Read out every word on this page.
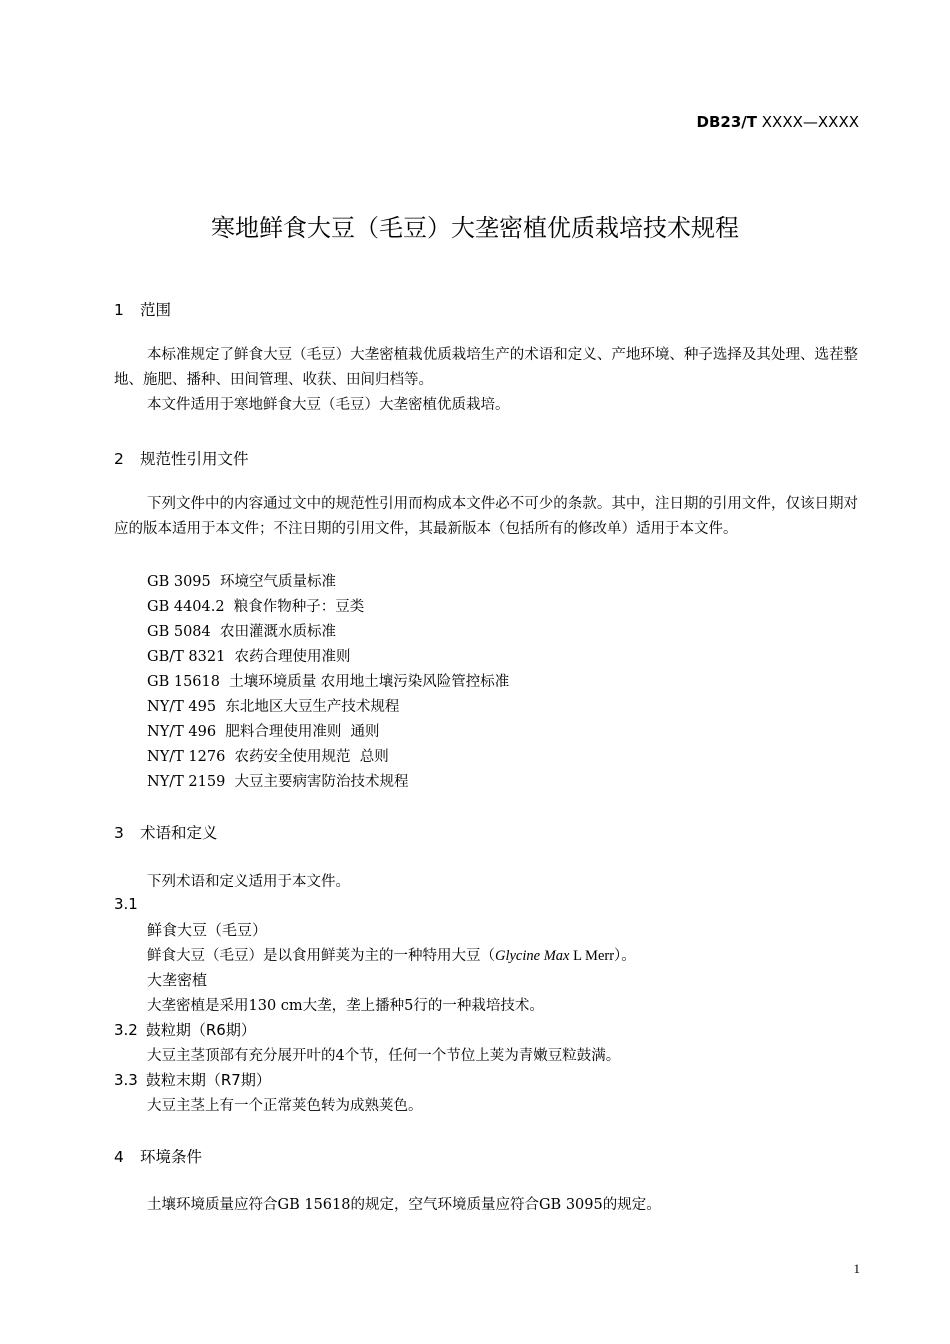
DB23/T XXXX—XXXX
寒地鲜食大豆（毛豆）大垄密植优质栽培技术规程
1 范围
本标准规定了鲜食大豆（毛豆）大垄密植栽优质栽培生产的术语和定义、产地环境、种子选择及其处理、选茬整地、施肥、播种、田间管理、收获、田间归档等。
本文件适用于寒地鲜食大豆（毛豆）大垄密植优质栽培。
2 规范性引用文件
下列文件中的内容通过文中的规范性引用而构成本文件必不可少的条款。其中，注日期的引用文件，仅该日期对应的版本适用于本文件；不注日期的引用文件，其最新版本（包括所有的修改单）适用于本文件。
GB 3095  环境空气质量标准
GB 4404.2  粮食作物种子：豆类
GB 5084  农田灌溉水质标准
GB/T 8321  农药合理使用准则
GB 15618  土壤环境质量 农用地土壤污染风险管控标准
NY/T 495  东北地区大豆生产技术规程
NY/T 496  肥料合理使用准则  通则
NY/T 1276  农药安全使用规范  总则
NY/T 2159  大豆主要病害防治技术规程
3 术语和定义
下列术语和定义适用于本文件。
3.1
鲜食大豆（毛豆）
鲜食大豆（毛豆）是以食用鲜荚为主的一种特用大豆（Glycine Max L Merr）。
大垄密植
大垄密植是采用130 cm大垄，垄上播种5行的一种栽培技术。
3.2 鼓粒期（R6期）
大豆主茎顶部有充分展开叶的4个节，任何一个节位上荚为青嫩豆粒鼓满。
3.3 鼓粒末期（R7期）
大豆主茎上有一个正常荚色转为成熟荚色。
4 环境条件
土壤环境质量应符合GB 15618的规定，空气环境质量应符合GB 3095的规定。
1
